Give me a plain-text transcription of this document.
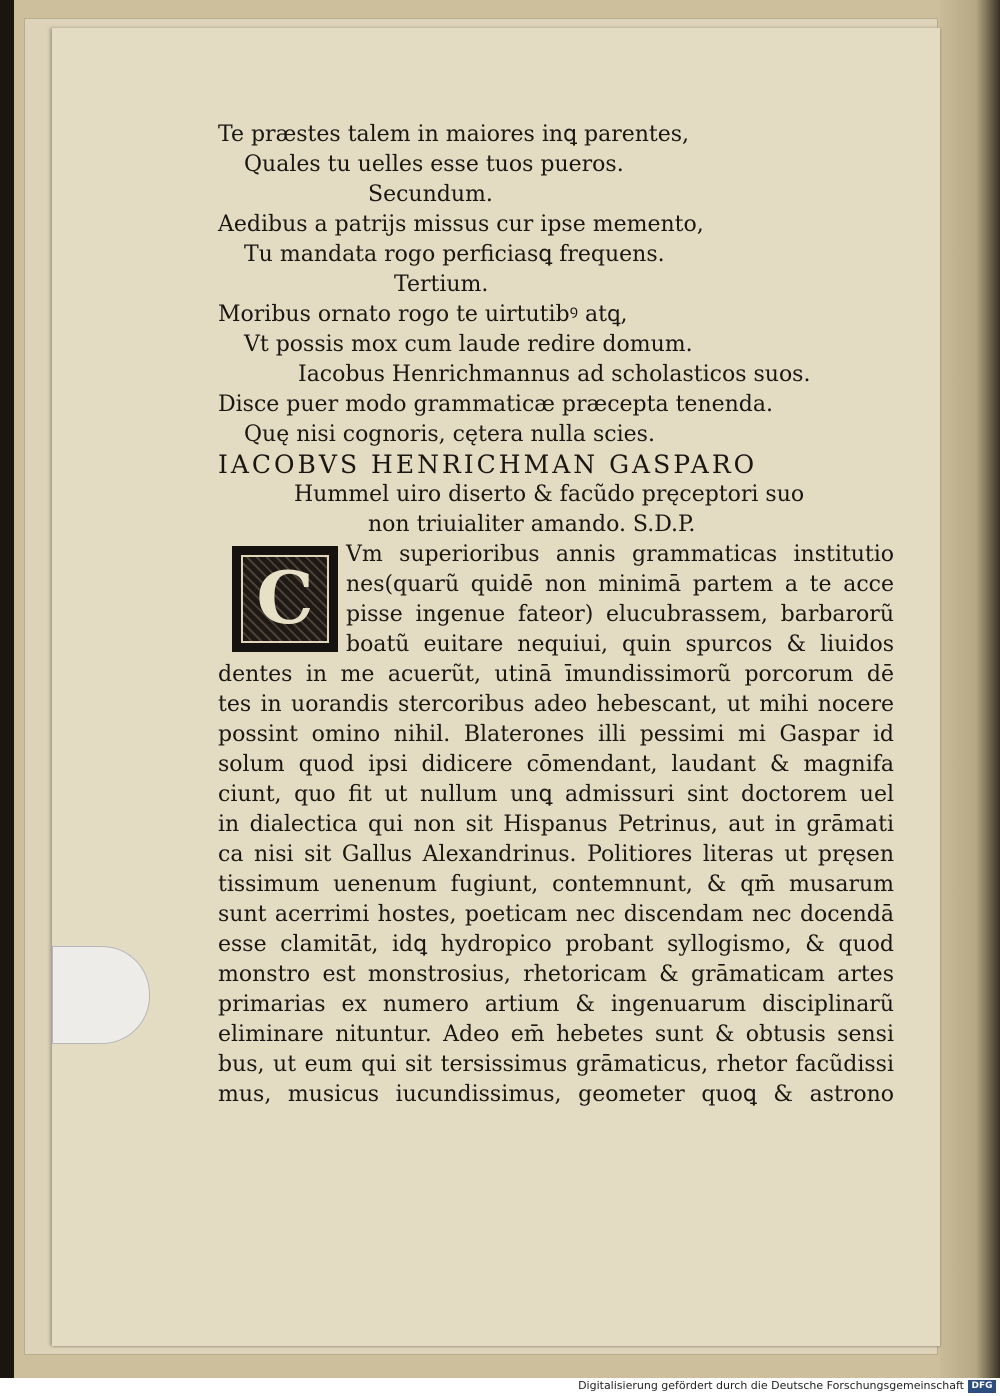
C
Te præstes talem in maiores inꝗ parentes,
Quales tu uelles esse tuos pueros.
Secundum.
Aedibus a patrijs missus cur ipse memento,
Tu mandata rogo perficiasꝗ frequens.
Tertium.
Moribus ornato rogo te uirtutibꝰ atꝗ,
Vt possis mox cum laude redire domum.
Iacobus Henrichmannus ad scholasticos suos.
Disce puer modo grammaticæ præcepta tenenda.
Quę nisi cognoris, cętera nulla scies.
IACOBVS HENRICHMAN GASPARO
Hummel uiro diserto & facũdo pręceptori suo
non triuialiter amando. S.D.P.
Vm superioribus annis grammaticas institutio
nes(quarũ quidē non minimā partem a te acce
pisse ingenue fateor) elucubrassem, barbarorũ
boatũ euitare nequiui, quin spurcos & liuidos
dentes in me acuerũt, utinā īmundissimorũ porcorum dē
tes in uorandis stercoribus adeo hebescant, ut mihi nocere
possint omino nihil. Blaterones illi pessimi mi Gaspar id
solum quod ipsi didicere cōmendant, laudant & magnifa
ciunt, quo fit ut nullum unꝗ admissuri sint doctorem uel
in dialectica qui non sit Hispanus Petrinus, aut in grāmati
ca nisi sit Gallus Alexandrinus. Politiores literas ut pręsen
tissimum uenenum fugiunt, contemnunt, & qm̄ musarum
sunt acerrimi hostes, poeticam nec discendam nec docendā
esse clamitāt, idꝗ hydropico probant syllogismo, & quod
monstro est monstrosius, rhetoricam & grāmaticam artes
primarias ex numero artium & ingenuarum disciplinarũ
eliminare nituntur. Adeo em̄ hebetes sunt & obtusis sensi
bus, ut eum qui sit tersissimus grāmaticus, rhetor facũdissi
mus, musicus iucundissimus, geometer quoꝗ & astrono
Digitalisierung gefördert durch die Deutsche Forschungsgemeinschaft DFG
